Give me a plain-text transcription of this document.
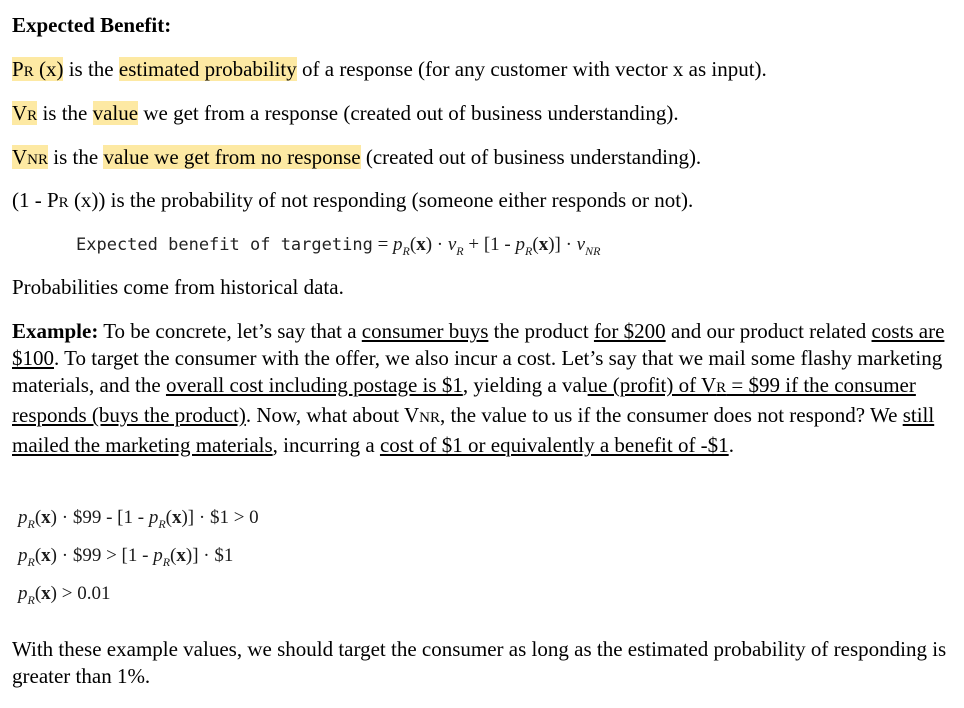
Expected Benefit:
PR (x) is the estimated probability of a response (for any customer with vector x as input).
VR is the value we get from a response (created out of business understanding).
VNR is the value we get from no response (created out of business understanding).
(1 - PR (x)) is the probability of not responding (someone either responds or not).
Expected benefit of targeting = $p_R(x) \cdot v_R + [1 - p_R(x)] \cdot v_{NR}$
Probabilities come from historical data.
Example: To be concrete, let’s say that a consumer buys the product for $200 and our product related costs are $100. To target the consumer with the offer, we also incur a cost. Let’s say that we mail some flashy marketing materials, and the overall cost including postage is $1, yielding a value (profit) of VR = $99 if the consumer responds (buys the product). Now, what about VNR, the value to us if the consumer does not respond? We still mailed the marketing materials, incurring a cost of $1 or equivalently a benefit of -$1.
$p_R(x)$ · $99 - $[1 - p_R(x)]$ · $1 > 0
$p_R(x)$ · $99 > $[1 - p_R(x)]$ · $1
$p_R(x) > 0.01$
With these example values, we should target the consumer as long as the estimated probability of responding is greater than 1%.
